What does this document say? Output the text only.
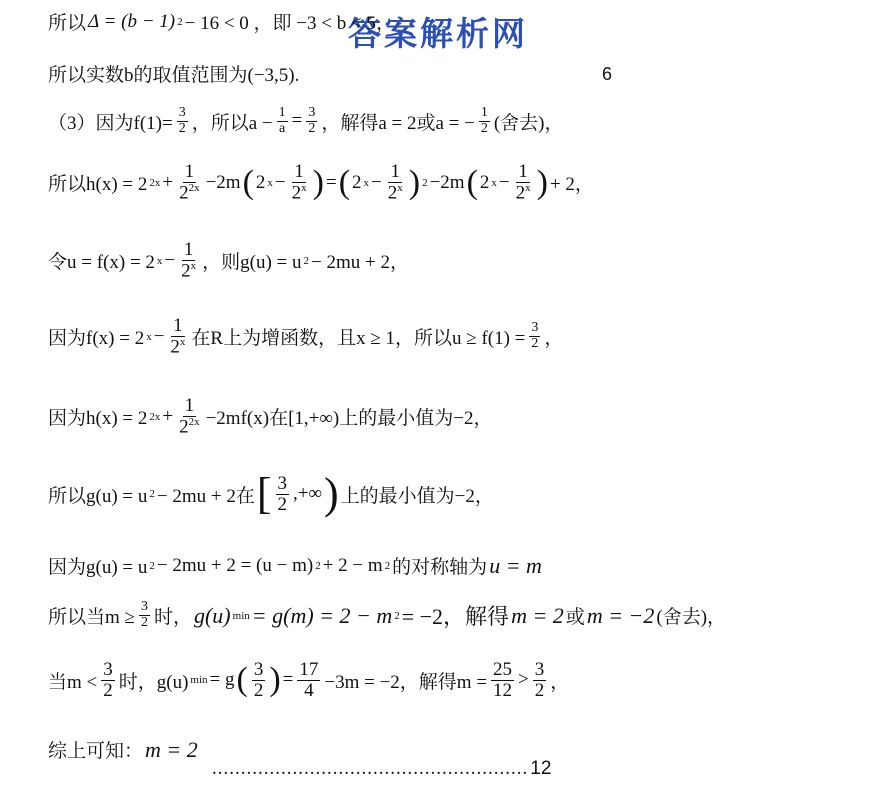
答案解析网
6
所以 Δ = (b − 1) 2 − 16 < 0 ，即 −3 < b < 5，
所以实数b的取值范围为(−3,5).
（3）因为$f(1)= \frac{3}{2}$ ，所以$a - \frac{1}{a} = \frac{3}{2}$ ，解得a = 2或a = − $\frac{1}{2}$ (舍去)，
所以h(x) = 2 $2x + \frac{1}{2^{2x}} -2m$ ( 2 $x - \frac{1}{2^x}$ ) = ( 2 $x - \frac{1}{2^x}$ ) 2 −2m ( 2 $x - \frac{1}{2^x}$ ) + 2，
令u = f(x) = 2 $x - \frac{1}{2^x}$ ，则g(u) = u 2 − 2mu + 2，
因为f(x) = 2 $x - \frac{1}{2^x}$ 在R上为增函数，且x ≥ 1，所以$u \ge f(1) = \frac{3}{2}$ ，
因为h(x) = 2 $2x + \frac{1}{2^{2x}} -2mf(x)$在[1,+∞)上的最小值为−2，
所以g(u) = u 2 − 2mu + 2在 [ $\frac{3}{2}$ ,+∞ ) 上的最小值为−2，
因为g(u) = u 2 − 2mu + 2 = (u − m) 2 + 2 − m 2 的对称轴为 u = m
所以当$m \ge \frac{3}{2}$ 时， g(u) min = g(m) = 2 − m 2 = −2，解得 m = 2 或 m = −2 (舍去)，
当$m < \frac{3}{2}$ 时，g(u) min = g ( $\frac{3}{2}$ ) = $\frac{17}{4} -3m = -2$，解得$m = \frac{25}{12} > \frac{3}{2}$ ，
综上可知： m = 2
....................................................... 12
